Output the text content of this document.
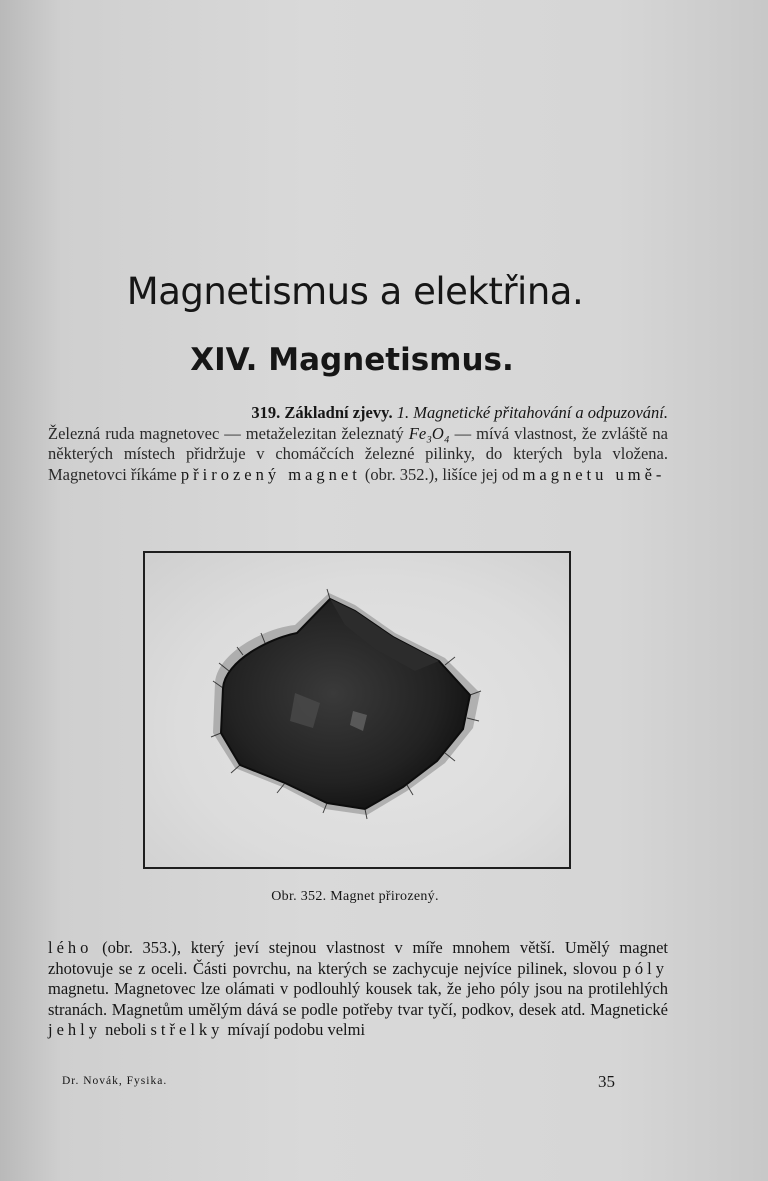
Magnetismus a elektřina.
XIV. Magnetismus.

319. Základní zjevy. 1. Magnetické přitahování a odpuzování.
Železná ruda magnetovec — metaželezitan železnatý Fe₃O₄ — mívá vlastnost, že zvláště na některých místech přidržuje v chomáčcích železné pilinky, do kterých byla vložena. Magnetovci říkáme přirozený magnet (obr. 352.), lišíce jej od magnetu umě-

Obr. 352. Magnet přirozený.

lého (obr. 353.), který jeví stejnou vlastnost v míře mnohem větší. Umělý magnet zhotovuje se z oceli. Části povrchu, na kterých se zachycuje nejvíce pilinek, slovou póly magnetu. Magnetovec lze olámati v podlouhlý kousek tak, že jeho póly jsou na protilehlých stranách. Magnetům umělým dává se podle potřeby tvar tyčí, podkov, desek atd. Magnetické jehly neboli střelky mívají podobu velmi

Dr. Novák, Fysika.	35
